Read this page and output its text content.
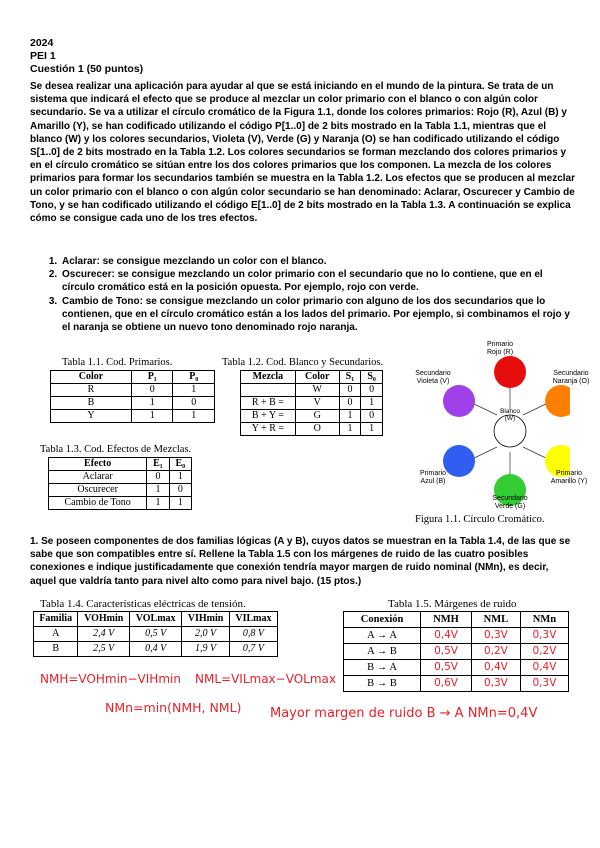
2024
PEI 1
Cuestión 1 (50 puntos)

Se desea realizar una aplicación para ayudar al que se está iniciando en el mundo de la pintura. Se trata de un sistema que indicará el efecto que se produce al mezclar un color primario con el blanco o con algún color secundario. Se va a utilizar el círculo cromático de la Figura 1.1, donde los colores primarios: Rojo (R), Azul (B) y Amarillo (Y), se han codificado utilizando el código P[1..0] de 2 bits mostrado en la Tabla 1.1, mientras que el blanco (W) y los colores secundarios, Violeta (V), Verde (G) y Naranja (O) se han codificado utilizando el código S[1..0] de 2 bits mostrado en la Tabla 1.2. Los colores secundarios se forman mezclando dos colores primarios y en el círculo cromático se sitúan entre los dos colores primarios que los componen. La mezcla de los colores primarios para formar los secundarios también se muestra en la Tabla 1.2. Los efectos que se producen al mezclar un color primario con el blanco o con algún color secundario se han denominado: Aclarar, Oscurecer y Cambio de Tono, y se han codificado utilizando el código E[1..0] de 2 bits mostrado en la Tabla 1.3. A continuación se explica cómo se consigue cada uno de los tres efectos.

1. Aclarar: se consigue mezclando un color con el blanco.
2. Oscurecer: se consigue mezclando un color primario con el secundario que no lo contiene, que en el círculo cromático está en la posición opuesta. Por ejemplo, rojo con verde.
3. Cambio de Tono: se consigue mezclando un color primario con alguno de los dos secundarios que lo contienen, que en el círculo cromático están a los lados del primario. Por ejemplo, si combinamos el rojo y el naranja se obtiene un nuevo tono denominado rojo naranja.
Tabla 1.1. Cod. Primarios.
Color	P₁	P₀
R	0	1
B	1	0
Y	1	1
Tabla 1.2. Cod. Blanco y Secundarios.
Mezcla	Color	S₁	S₀
	W	0	0
R + B =	V	0	1
B + Y =	G	1	0
Y + R =	O	1	1
Tabla 1.3. Cod. Efectos de Mezclas.
Efecto	E₁	E₀
Aclarar	0	1
Oscurecer	1	0
Cambio de Tono	1	1
Primario
Rojo (R)
Secundario
Violeta (V)
Secundario
Naranja (O)
Blanco
(W)
Primario
Azul (B)
Primario
Amarillo (Y)
Secundario
Verde (G)
Figura 1.1. Círculo Cromático.

1. Se poseen componentes de dos familias lógicas (A y B), cuyos datos se muestran en la Tabla 1.4, de las que se sabe que son compatibles entre sí. Rellene la Tabla 1.5 con los márgenes de ruido de las cuatro posibles conexiones e indique justificadamente que conexión tendría mayor margen de ruido nominal (NMn), es decir, aquel que valdría tanto para nivel alto como para nivel bajo. (15 ptos.)

Tabla 1.4. Características eléctricas de tensión.
Familia	VOHmin	VOLmax	VIHmin	VILmax
A	2,4 V	0,5 V	2,0 V	0,8 V
B	2,5 V	0,4 V	1,9 V	0,7 V
Tabla 1.5. Márgenes de ruido
Conexión	NMH	NML	NMn
A → A	0,4V	0,3V	0,3V
A → B	0,5V	0,2V	0,2V
B → A	0,5V	0,4V	0,4V
B → B	0,6V	0,3V	0,3V
NMH=VOHmin−VIHmin NML=VILmax−VOLmax
NMn=min(NMH, NML) Mayor margen de ruido B → A NMn=0,4V
